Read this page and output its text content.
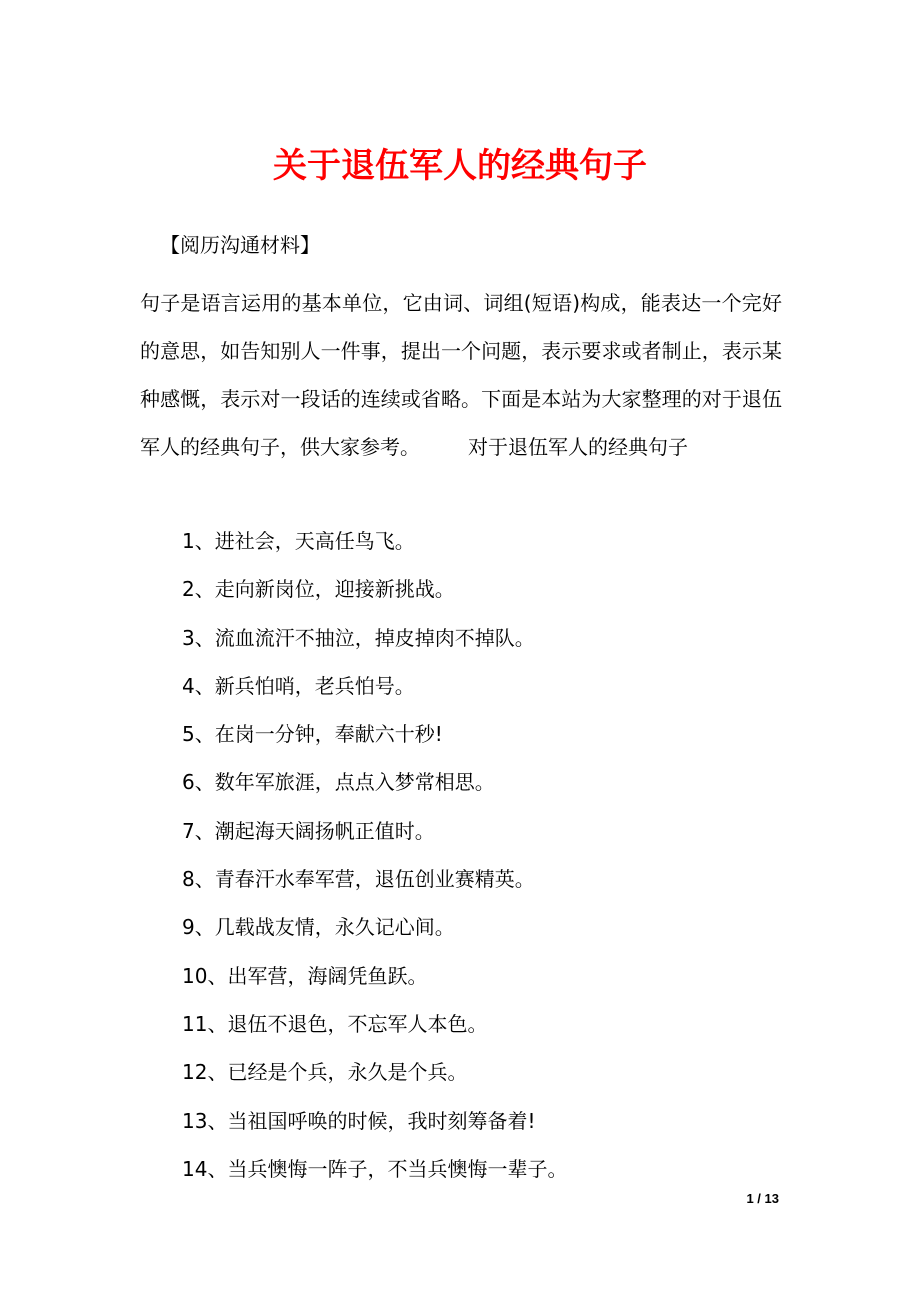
关于退伍军人的经典句子
【阅历沟通材料】
句子是语言运用的基本单位，它由词、词组(短语)构成，能表达一个完好的意思，如告知别人一件事，提出一个问题，表示要求或者制止，表示某种感慨，表示对一段话的连续或省略。下面是本站为大家整理的对于退伍军人的经典句子，供大家参考。 对于退伍军人的经典句子
1、进社会，天高任鸟飞。
2、走向新岗位，迎接新挑战。
3、流血流汗不抽泣，掉皮掉肉不掉队。
4、新兵怕哨，老兵怕号。
5、在岗一分钟，奉献六十秒!
6、数年军旅涯，点点入梦常相思。
7、潮起海天阔扬帆正值时。
8、青春汗水奉军营，退伍创业赛精英。
9、几载战友情，永久记心间。
10、出军营，海阔凭鱼跃。
11、退伍不退色，不忘军人本色。
12、已经是个兵，永久是个兵。
13、当祖国呼唤的时候，我时刻筹备着!
14、当兵懊悔一阵子，不当兵懊悔一辈子。
1 / 13
